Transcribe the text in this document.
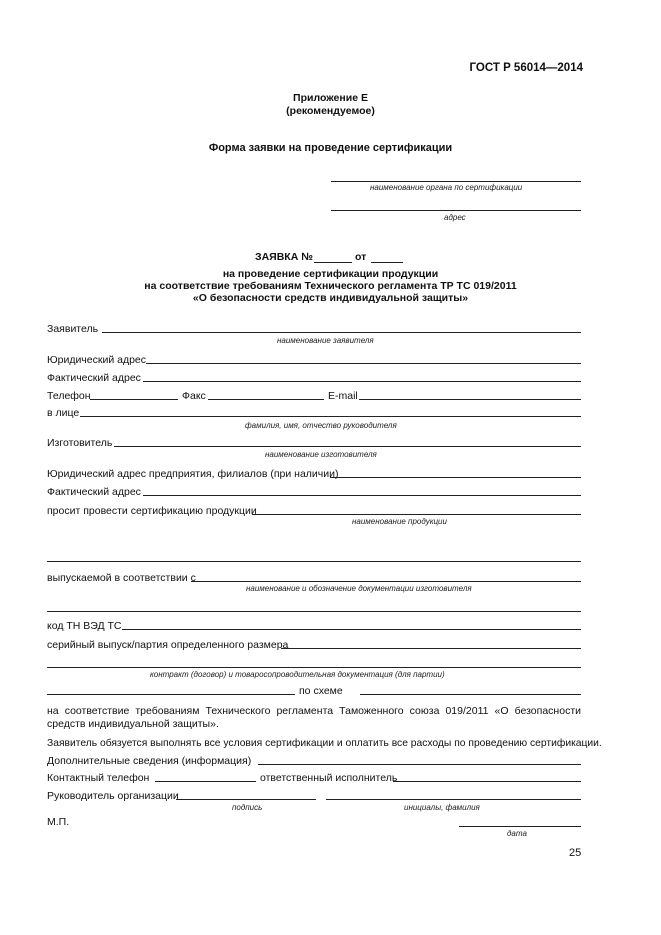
ГОСТ Р 56014—2014
Приложение Е
(рекомендуемое)
Форма заявки на проведение сертификации
наименование органа по сертификации
адрес
ЗАЯВКА №	от
на проведение сертификации продукции
на соответствие требованиям Технического регламента ТР ТС 019/2011
«О безопасности средств индивидуальной защиты»
Заявитель
наименование заявителя
Юридический адрес
Фактический адрес
Телефон	Факс	E-mail
в лице
фамилия, имя, отчество руководителя
Изготовитель
наименование изготовителя
Юридический адрес предприятия, филиалов (при наличии)
Фактический адрес
просит провести сертификацию продукции
наименование продукции
выпускаемой в соответствии с
наименование и обозначение документации изготовителя
код ТН ВЭД ТС
серийный выпуск/партия определенного размера
контракт (договор) и товаросопроводительная документация (для партии)
по схеме
на соответствие требованиям Технического регламента Таможенного союза 019/2011 «О безопасности средств индивидуальной защиты».
Заявитель обязуется выполнять все условия сертификации и оплатить все расходы по проведению сертификации.
Дополнительные сведения (информация)
Контактный телефон	ответственный исполнитель
Руководитель организации
подпись	инициалы, фамилия
М.П.
дата
25
